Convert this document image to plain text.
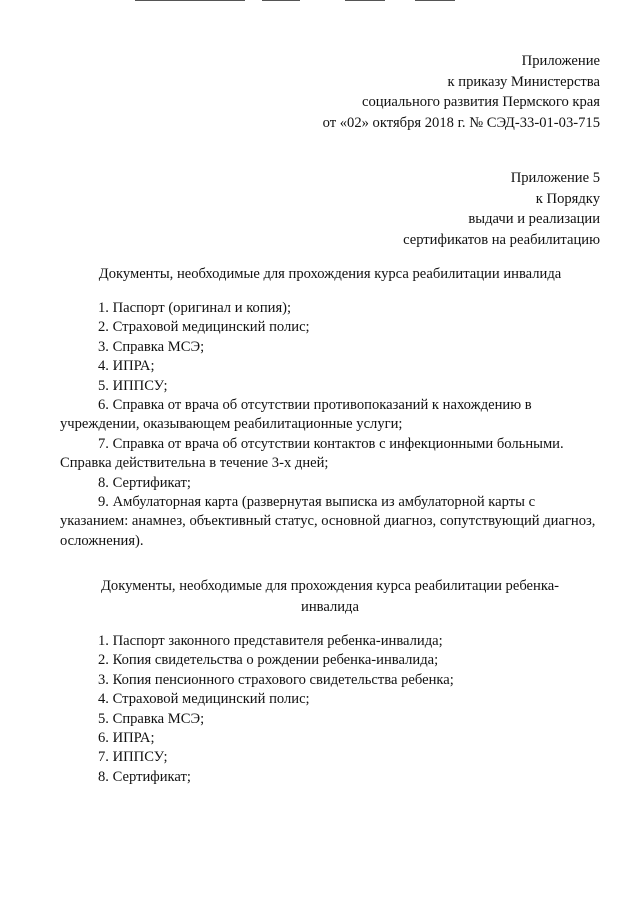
Приложение
к приказу Министерства
социального развития Пермского края
от «02» октября 2018 г. № СЭД-33-01-03-715
Приложение 5
к Порядку
выдачи и реализации
сертификатов на реабилитацию
Документы, необходимые для прохождения курса реабилитации инвалида
1. Паспорт (оригинал и копия);
2. Страховой медицинский полис;
3. Справка МСЭ;
4. ИПРА;
5. ИППСУ;
6. Справка от врача об отсутствии противопоказаний к нахождению в учреждении, оказывающем реабилитационные услуги;
7. Справка от врача об отсутствии контактов с инфекционными больными. Справка действительна в течение 3-х дней;
8. Сертификат;
9. Амбулаторная карта (развернутая выписка из амбулаторной карты с указанием: анамнез, объективный статус, основной диагноз, сопутствующий диагноз, осложнения).
Документы, необходимые для прохождения курса реабилитации ребенка-
инвалида
1. Паспорт законного представителя ребенка-инвалида;
2. Копия свидетельства о рождении ребенка-инвалида;
3. Копия пенсионного страхового свидетельства ребенка;
4. Страховой медицинский полис;
5. Справка МСЭ;
6. ИПРА;
7. ИППСУ;
8. Сертификат;
